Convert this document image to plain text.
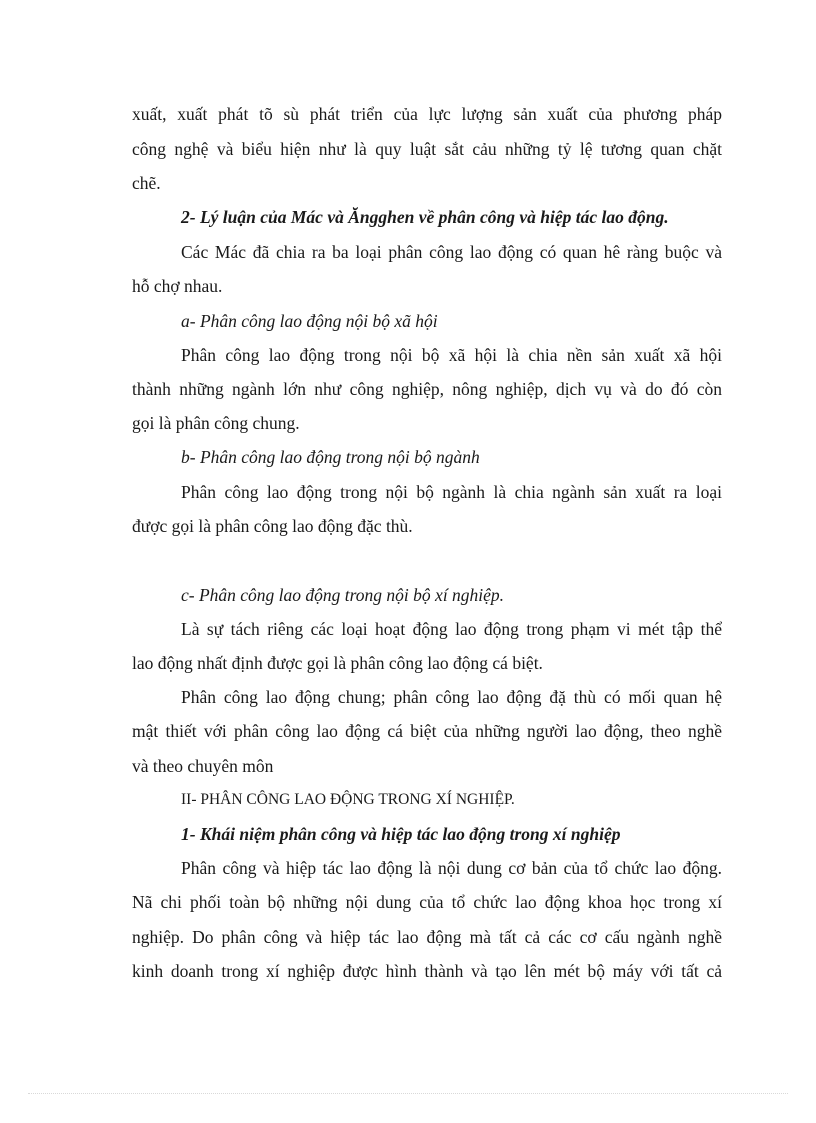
xuất, xuất phát tõ sù phát triển của lực lượng sản xuất của phương pháp

công nghệ và biểu hiện như là quy luật sắt cảu những tỷ lệ tương quan chặt

chẽ.

2- Lý luận của Mác và Ăngghen về phân công và hiệp tác lao động.

Các Mác đã chia ra ba loại phân công lao động có quan hê ràng buộc và

hỗ chợ nhau.

a- Phân công lao động nội bộ xã hội

Phân công lao động trong nội bộ xã hội là chia nền sản xuất xã hội

thành những ngành lớn như công nghiệp, nông nghiệp, dịch vụ và do đó còn

gọi là phân công chung.

b- Phân công lao động trong nội bộ ngành

Phân công lao động trong nội bộ ngành là chia ngành sản xuất ra loại

được gọi là phân công lao động đặc thù.

c- Phân công lao động trong nội bộ xí nghiệp.

Là sự tách riêng các loại hoạt động lao động trong phạm vi mét tập thể

lao động nhất định được gọi là phân công lao động cá biệt.

Phân công lao động chung; phân công lao động đặ thù có mối quan hệ

mật thiết với phân công lao động cá biệt của những người lao động, theo nghề

và theo chuyên môn

II- PHÂN CÔNG LAO ĐỘNG TRONG XÍ NGHIỆP.

1- Khái niệm phân công và hiệp tác lao động trong xí nghiệp

Phân công và hiệp tác lao động là nội dung cơ bản của tổ chức lao động.

Nã chi phối toàn bộ những nội dung của tổ chức lao động khoa học trong xí

nghiệp. Do phân công và hiệp tác lao động mà tất cả các cơ cấu ngành nghề

kinh doanh trong xí nghiệp được hình thành và tạo lên mét bộ máy với tất cả
